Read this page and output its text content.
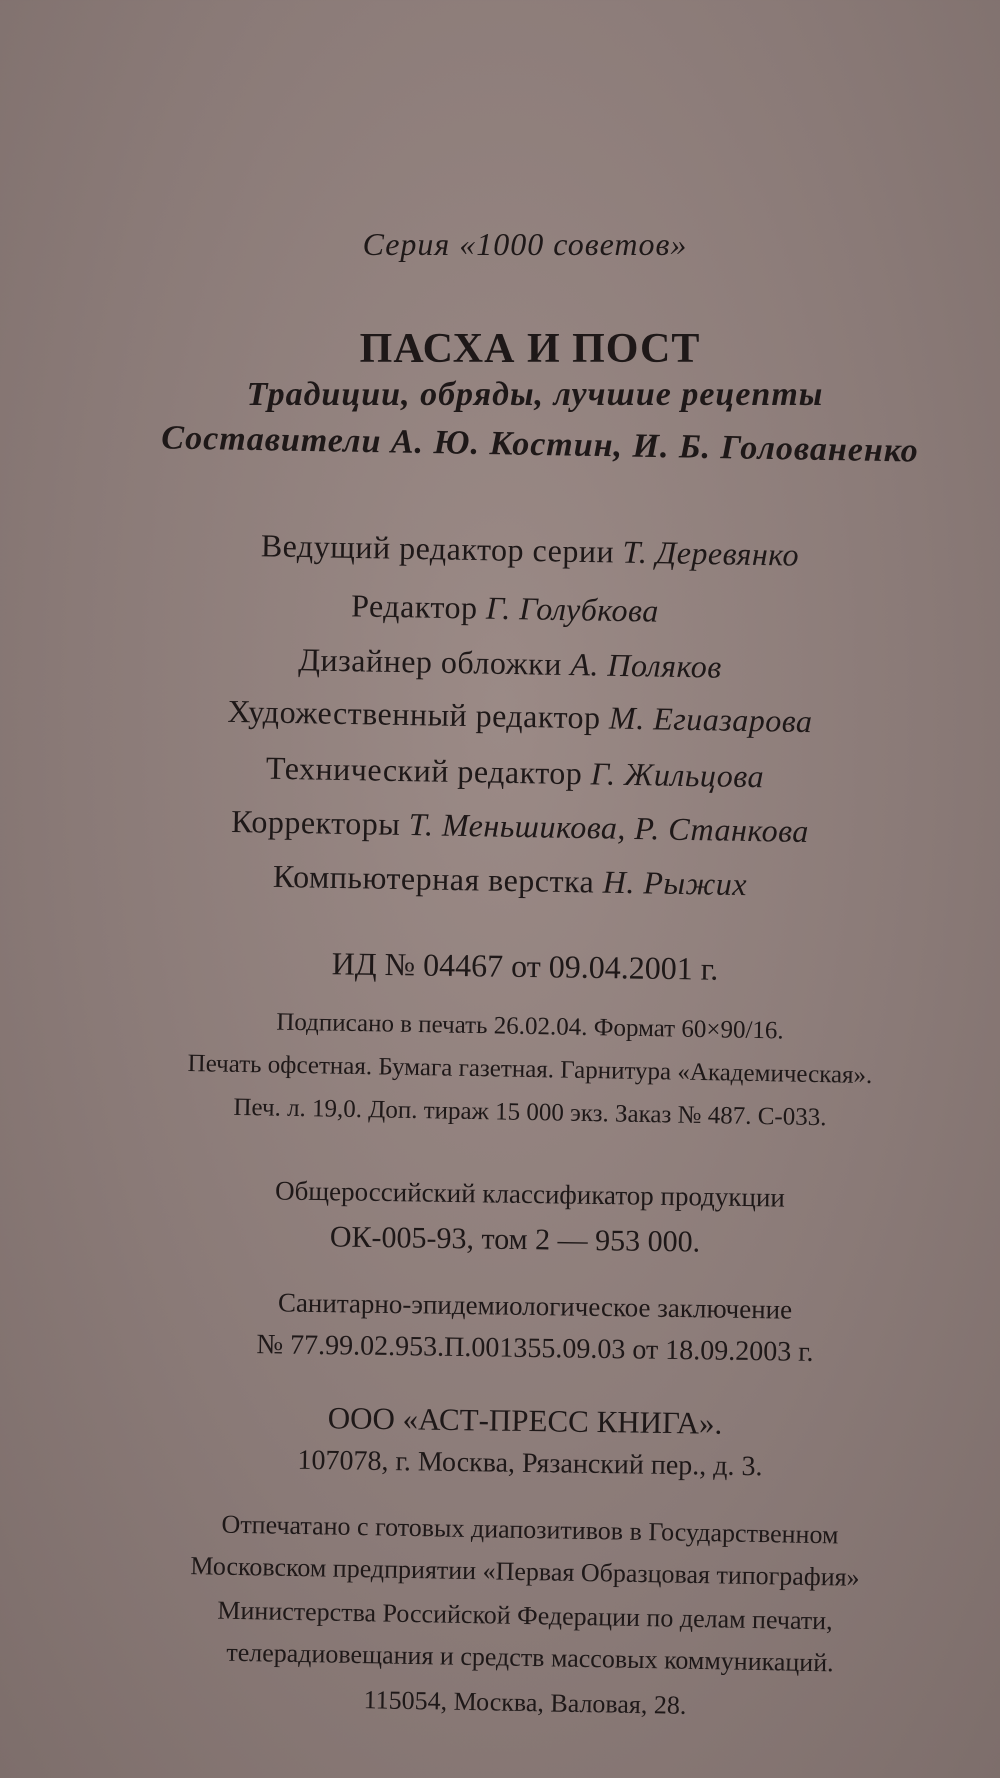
Серия «1000 советов»

ПАСХА И ПОСТ

Традиции, обряды, лучшие рецепты

Составители А. Ю. Костин, И. Б. Голованенко

Ведущий редактор серии Т. Деревянко

Редактор Г. Голубкова

Дизайнер обложки А. Поляков

Художественный редактор М. Егиазарова

Технический редактор Г. Жильцова

Корректоры Т. Меньшикова, Р. Станкова

Компьютерная верстка Н. Рыжих

ИД № 04467 от 09.04.2001 г.

Подписано в печать 26.02.04. Формат 60×90/16.

Печать офсетная. Бумага газетная. Гарнитура «Академическая».

Печ. л. 19,0. Доп. тираж 15 000 экз. Заказ № 487. С-033.

Общероссийский классификатор продукции

ОК-005-93, том 2 — 953 000.

Санитарно-эпидемиологическое заключение

№ 77.99.02.953.П.001355.09.03 от 18.09.2003 г.

ООО «АСТ-ПРЕСС КНИГА».

107078, г. Москва, Рязанский пер., д. 3.

Отпечатано с готовых диапозитивов в Государственном

Московском предприятии «Первая Образцовая типография»

Министерства Российской Федерации по делам печати,

телерадиовещания и средств массовых коммуникаций.

115054, Москва, Валовая, 28.
